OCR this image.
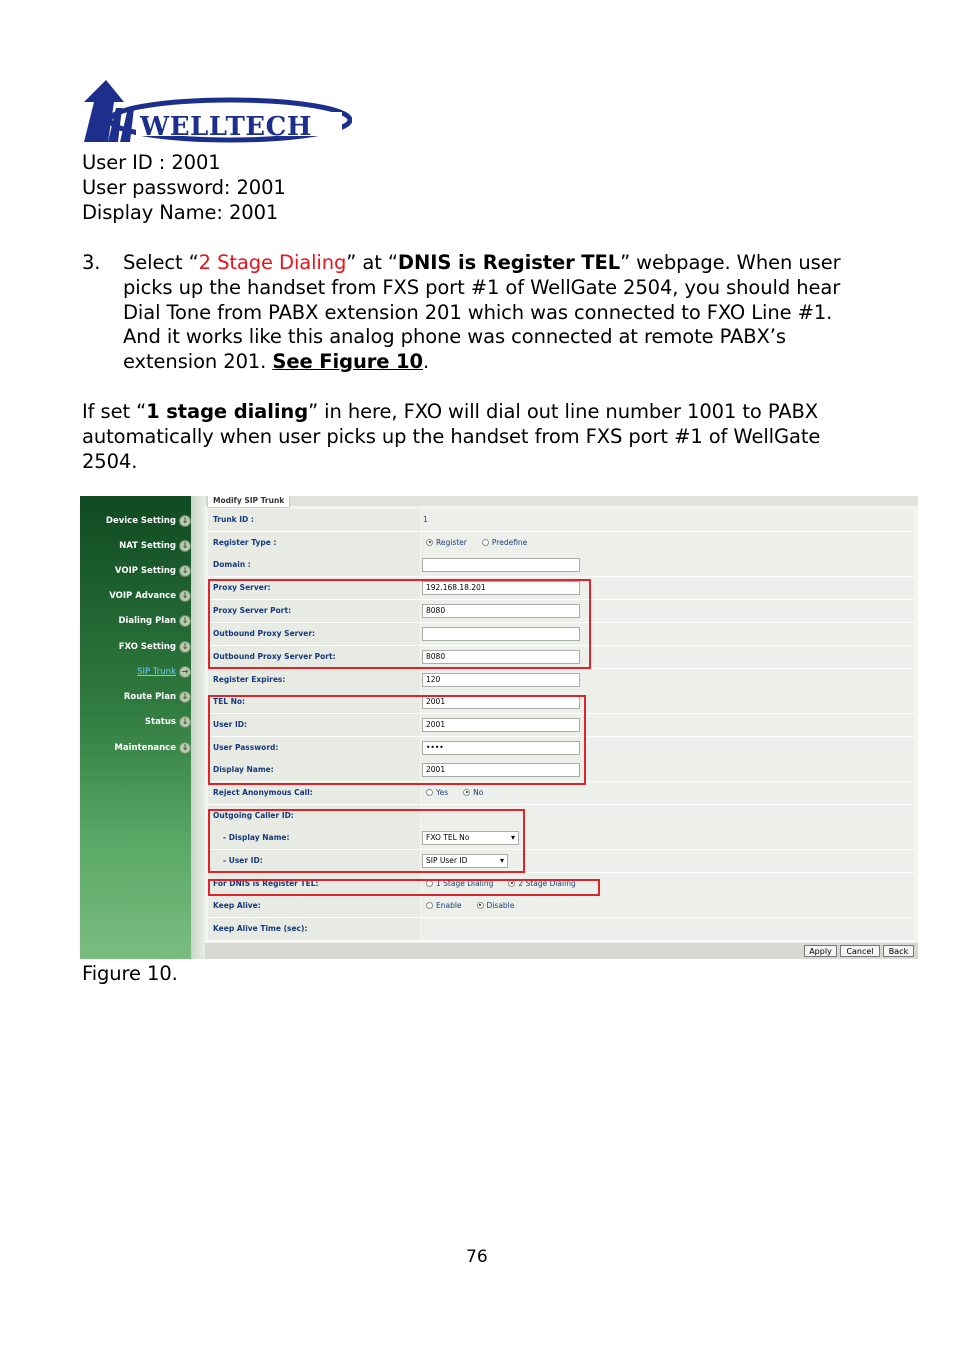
WELLTECH
User ID : 2001
User password: 2001
Display Name: 2001
3. Select “2 Stage Dialing” at “DNIS is Register TEL” webpage. When user
picks up the handset from FXS port #1 of WellGate 2504, you should hear
Dial Tone from PABX extension 201 which was connected to FXO Line #1.
And it works like this analog phone was connected at remote PABX’s
extension 201. See Figure 10.
If set “1 stage dialing” in here, FXO will dial out line number 1001 to PABX
automatically when user picks up the handset from FXS port #1 of WellGate
2504.
Device Setting ↓
NAT Setting ↓
VOIP Setting ↓
VOIP Advance ↓
Dialing Plan ↓
FXO Setting ↓
SIP Trunk →
Route Plan ↓
Status ↓
Maintenance ↓
Modify SIP Trunk
Trunk ID :	1
Register Type :	Register	Predefine
Domain :
Proxy Server:	192.168.18.201
Proxy Server Port:	8080
Outbound Proxy Server:
Outbound Proxy Server Port:	8080
Register Expires:	120
TEL No:	2001
User ID:	2001
User Password:	••••
Display Name:	2001
Reject Anonymous Call:	Yes	No
Outgoing Caller ID:
- Display Name:	FXO TEL No ▾
- User ID:	SIP User ID ▾
For DNIS is Register TEL:	1 Stage Dialing	2 Stage Dialing
Keep Alive:	Enable	Disable
Keep Alive Time (sec):
Apply	Cancel	Back
Figure 10.
76
